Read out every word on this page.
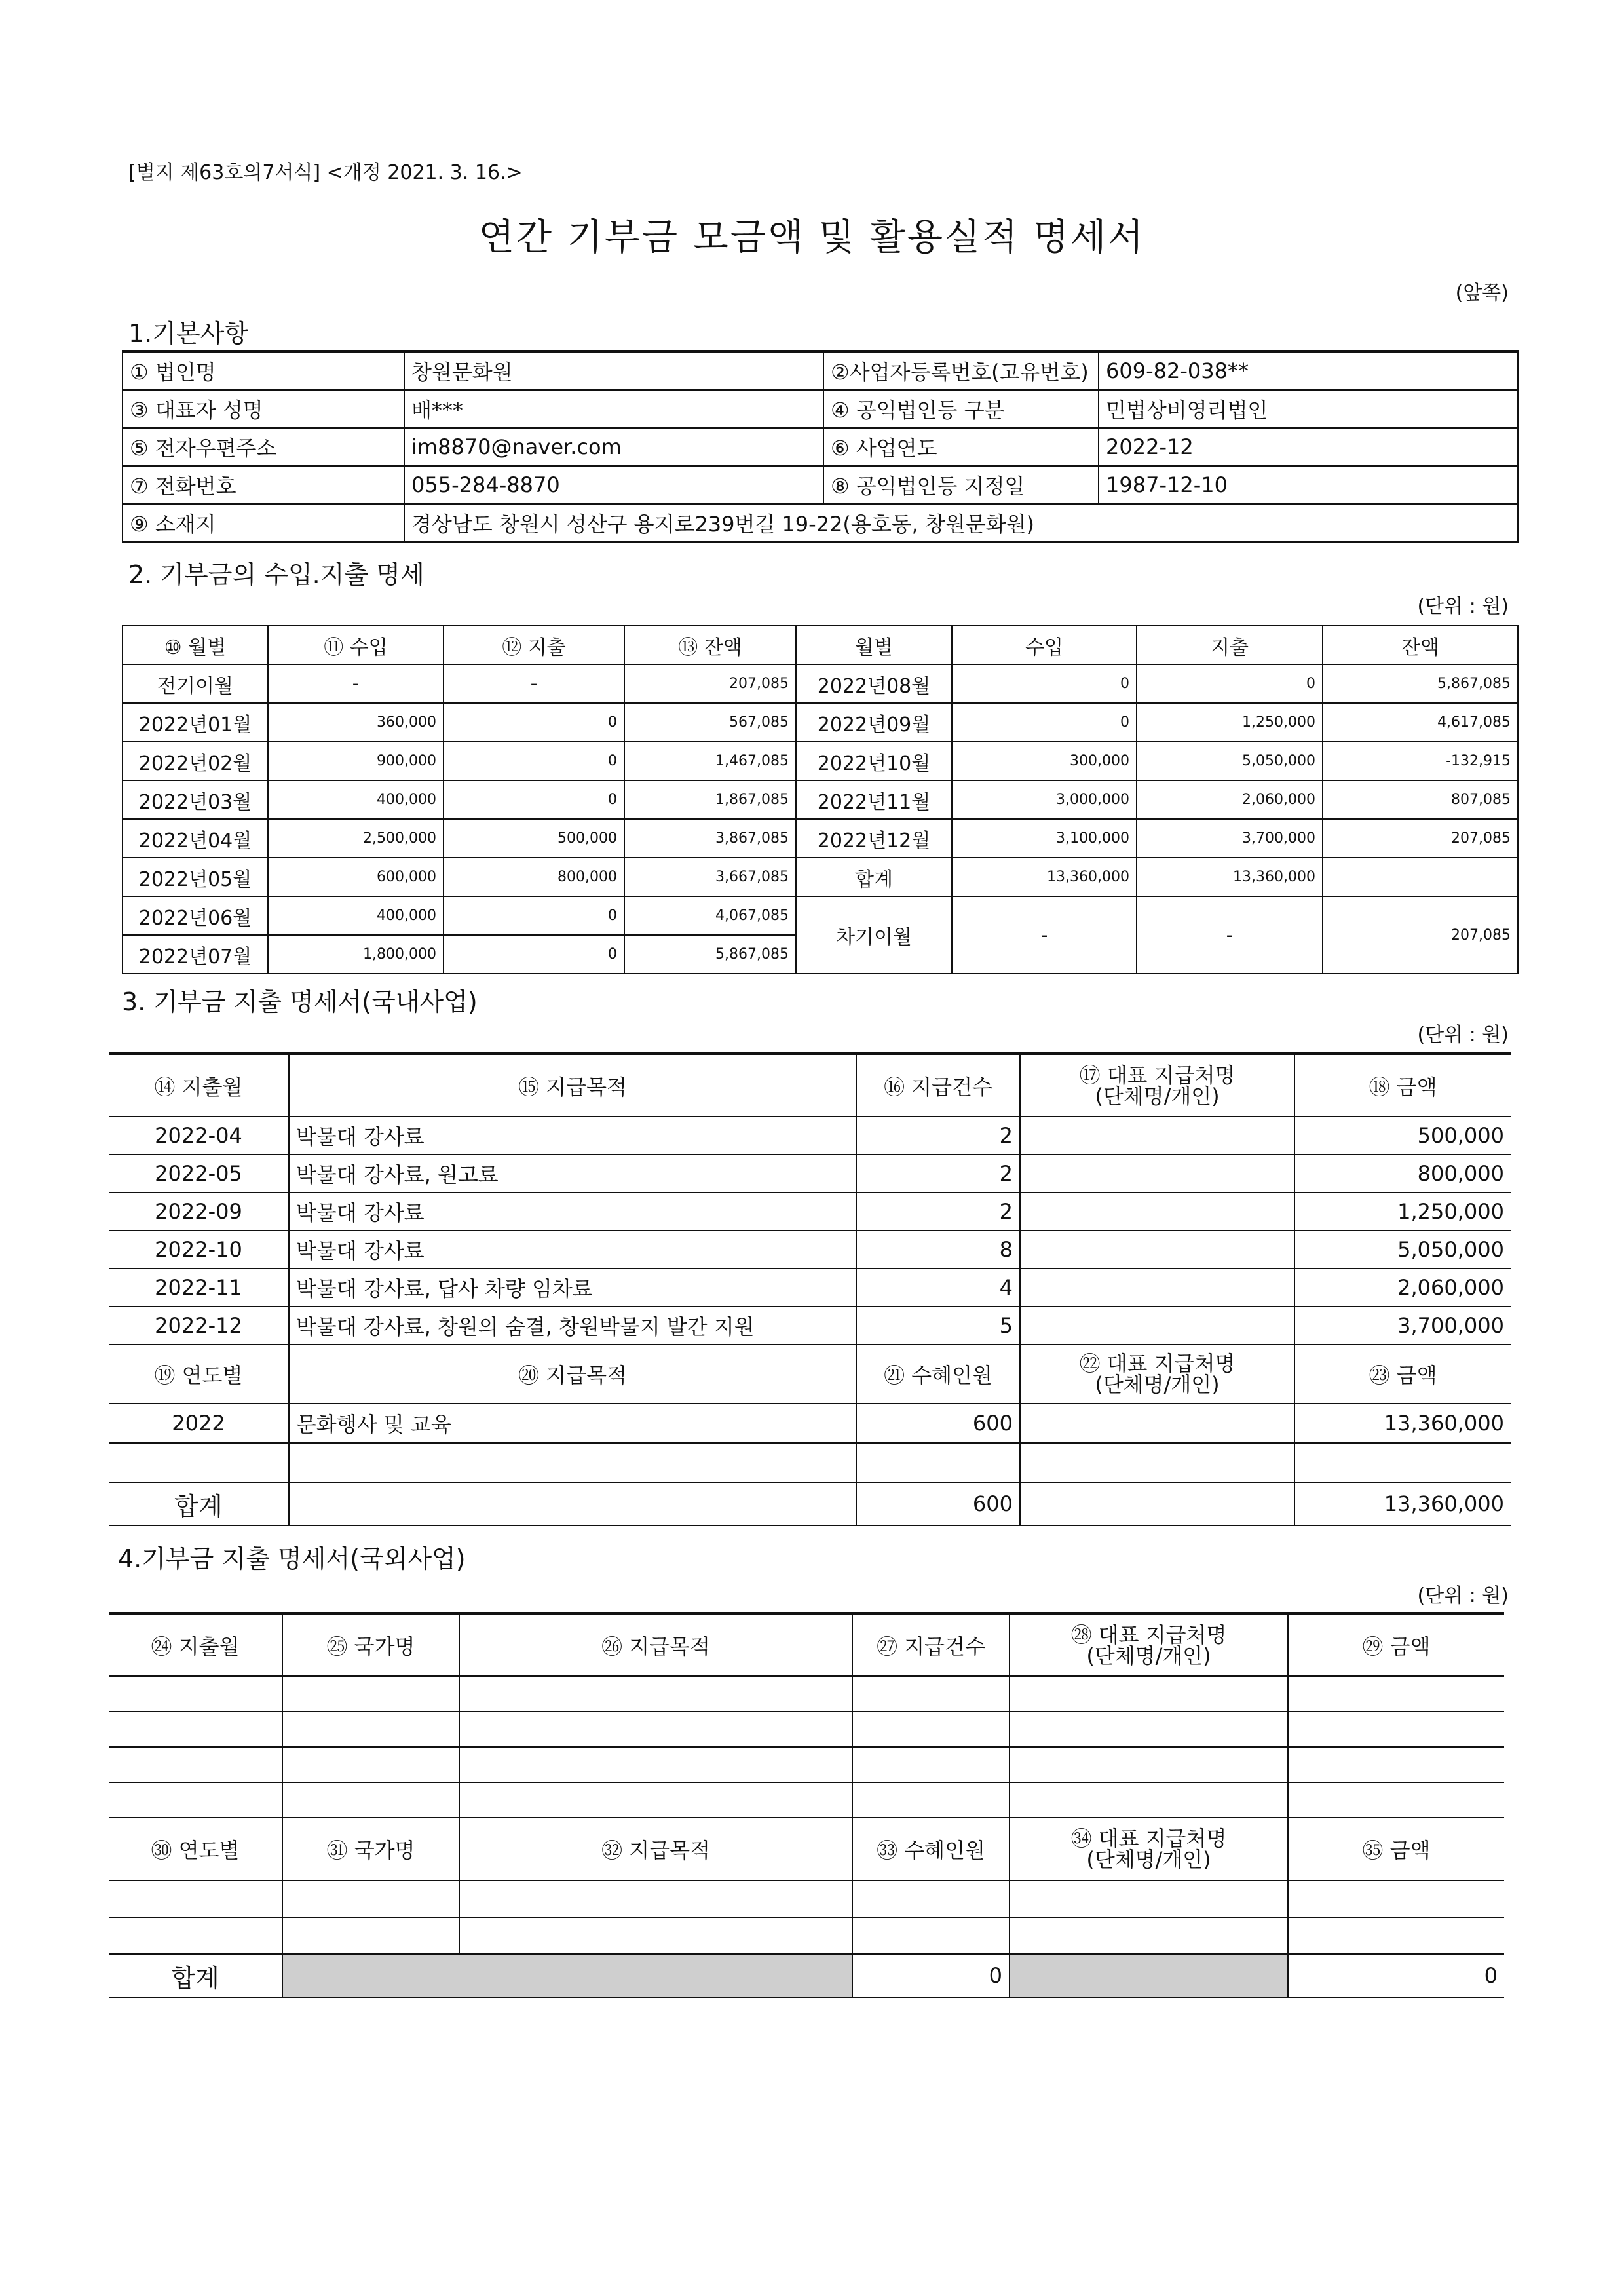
[별지 제63호의7서식] <개정 2021. 3. 16.>
연간 기부금 모금액 및 활용실적 명세서
(앞쪽)
1.기본사항
① 법인명	창원문화원	②사업자등록번호(고유번호)	609-82-038**
③ 대표자 성명	배***	④ 공익법인등 구분	민법상비영리법인
⑤ 전자우편주소	im8870@naver.com	⑥ 사업연도	2022-12
⑦ 전화번호	055-284-8870	⑧ 공익법인등 지정일	1987-12-10
⑨ 소재지	경상남도 창원시 성산구 용지로239번길 19-22(용호동, 창원문화원)		
2. 기부금의 수입.지출 명세
(단위 : 원)
⑩ 월별	⑪ 수입	⑫ 지출	⑬ 잔액	월별	수입	지출	잔액
전기이월	-	-	207,085	2022년08월	0	0	5,867,085
2022년01월	360,000	0	567,085	2022년09월	0	1,250,000	4,617,085
2022년02월	900,000	0	1,467,085	2022년10월	300,000	5,050,000	-132,915
2022년03월	400,000	0	1,867,085	2022년11월	3,000,000	2,060,000	807,085
2022년04월	2,500,000	500,000	3,867,085	2022년12월	3,100,000	3,700,000	207,085
2022년05월	600,000	800,000	3,667,085	합계	13,360,000	13,360,000	
2022년06월	400,000	0	4,067,085	차기이월	-	-	207,085
2022년07월	1,800,000	0	5,867,085				
3. 기부금 지출 명세서(국내사업)
(단위 : 원)
⑭ 지출월	⑮ 지급목적	⑯ 지급건수	⑰ 대표 지급처명
(단체명/개인)	⑱ 금액
2022-04	박물대 강사료	2		500,000
2022-05	박물대 강사료, 원고료	2		800,000
2022-09	박물대 강사료	2		1,250,000
2022-10	박물대 강사료	8		5,050,000
2022-11	박물대 강사료, 답사 차량 임차료	4		2,060,000
2022-12	박물대 강사료, 창원의 숨결, 창원박물지 발간 지원	5		3,700,000
⑲ 연도별	⑳ 지급목적	㉑ 수혜인원	㉒ 대표 지급처명
(단체명/개인)	㉓ 금액
2022	문화행사 및 교육	600		13,360,000

합계		600		13,360,000
4.기부금 지출 명세서(국외사업)
(단위 : 원)
㉔ 지출월	㉕ 국가명	㉖ 지급목적	㉗ 지급건수	㉘ 대표 지급처명
(단체명/개인)	㉙ 금액

㉚ 연도별	㉛ 국가명	㉜ 지급목적	㉝ 수혜인원	㉞ 대표 지급처명
(단체명/개인)	㉟ 금액

합계			0		0
